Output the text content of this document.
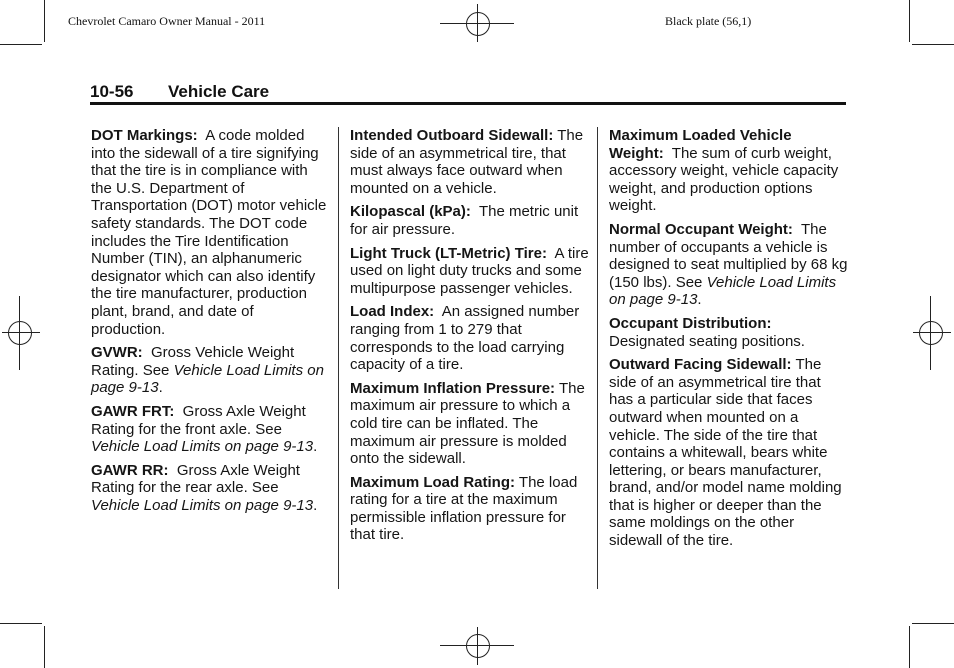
Chevrolet Camaro Owner Manual - 2011	Black plate (56,1)
10-56 Vehicle Care

DOT Markings: A code molded into the sidewall of a tire signifying that the tire is in compliance with the U.S. Department of Transportation (DOT) motor vehicle safety standards. The DOT code includes the Tire Identification Number (TIN), an alphanumeric designator which can also identify the tire manufacturer, production plant, brand, and date of production.

GVWR: Gross Vehicle Weight Rating. See Vehicle Load Limits on page 9-13.

GAWR FRT: Gross Axle Weight Rating for the front axle. See Vehicle Load Limits on page 9-13.

GAWR RR: Gross Axle Weight Rating for the rear axle. See Vehicle Load Limits on page 9-13.

Intended Outboard Sidewall: The side of an asymmetrical tire, that must always face outward when mounted on a vehicle.

Kilopascal (kPa): The metric unit for air pressure.

Light Truck (LT-Metric) Tire: A tire used on light duty trucks and some multipurpose passenger vehicles.

Load Index: An assigned number ranging from 1 to 279 that corresponds to the load carrying capacity of a tire.

Maximum Inflation Pressure: The maximum air pressure to which a cold tire can be inflated. The maximum air pressure is molded onto the sidewall.

Maximum Load Rating: The load rating for a tire at the maximum permissible inflation pressure for that tire.

Maximum Loaded Vehicle Weight: The sum of curb weight, accessory weight, vehicle capacity weight, and production options weight.

Normal Occupant Weight: The number of occupants a vehicle is designed to seat multiplied by 68 kg (150 lbs). See Vehicle Load Limits on page 9-13.

Occupant Distribution: Designated seating positions.

Outward Facing Sidewall: The side of an asymmetrical tire that has a particular side that faces outward when mounted on a vehicle. The side of the tire that contains a whitewall, bears white lettering, or bears manufacturer, brand, and/or model name molding that is higher or deeper than the same moldings on the other sidewall of the tire.
